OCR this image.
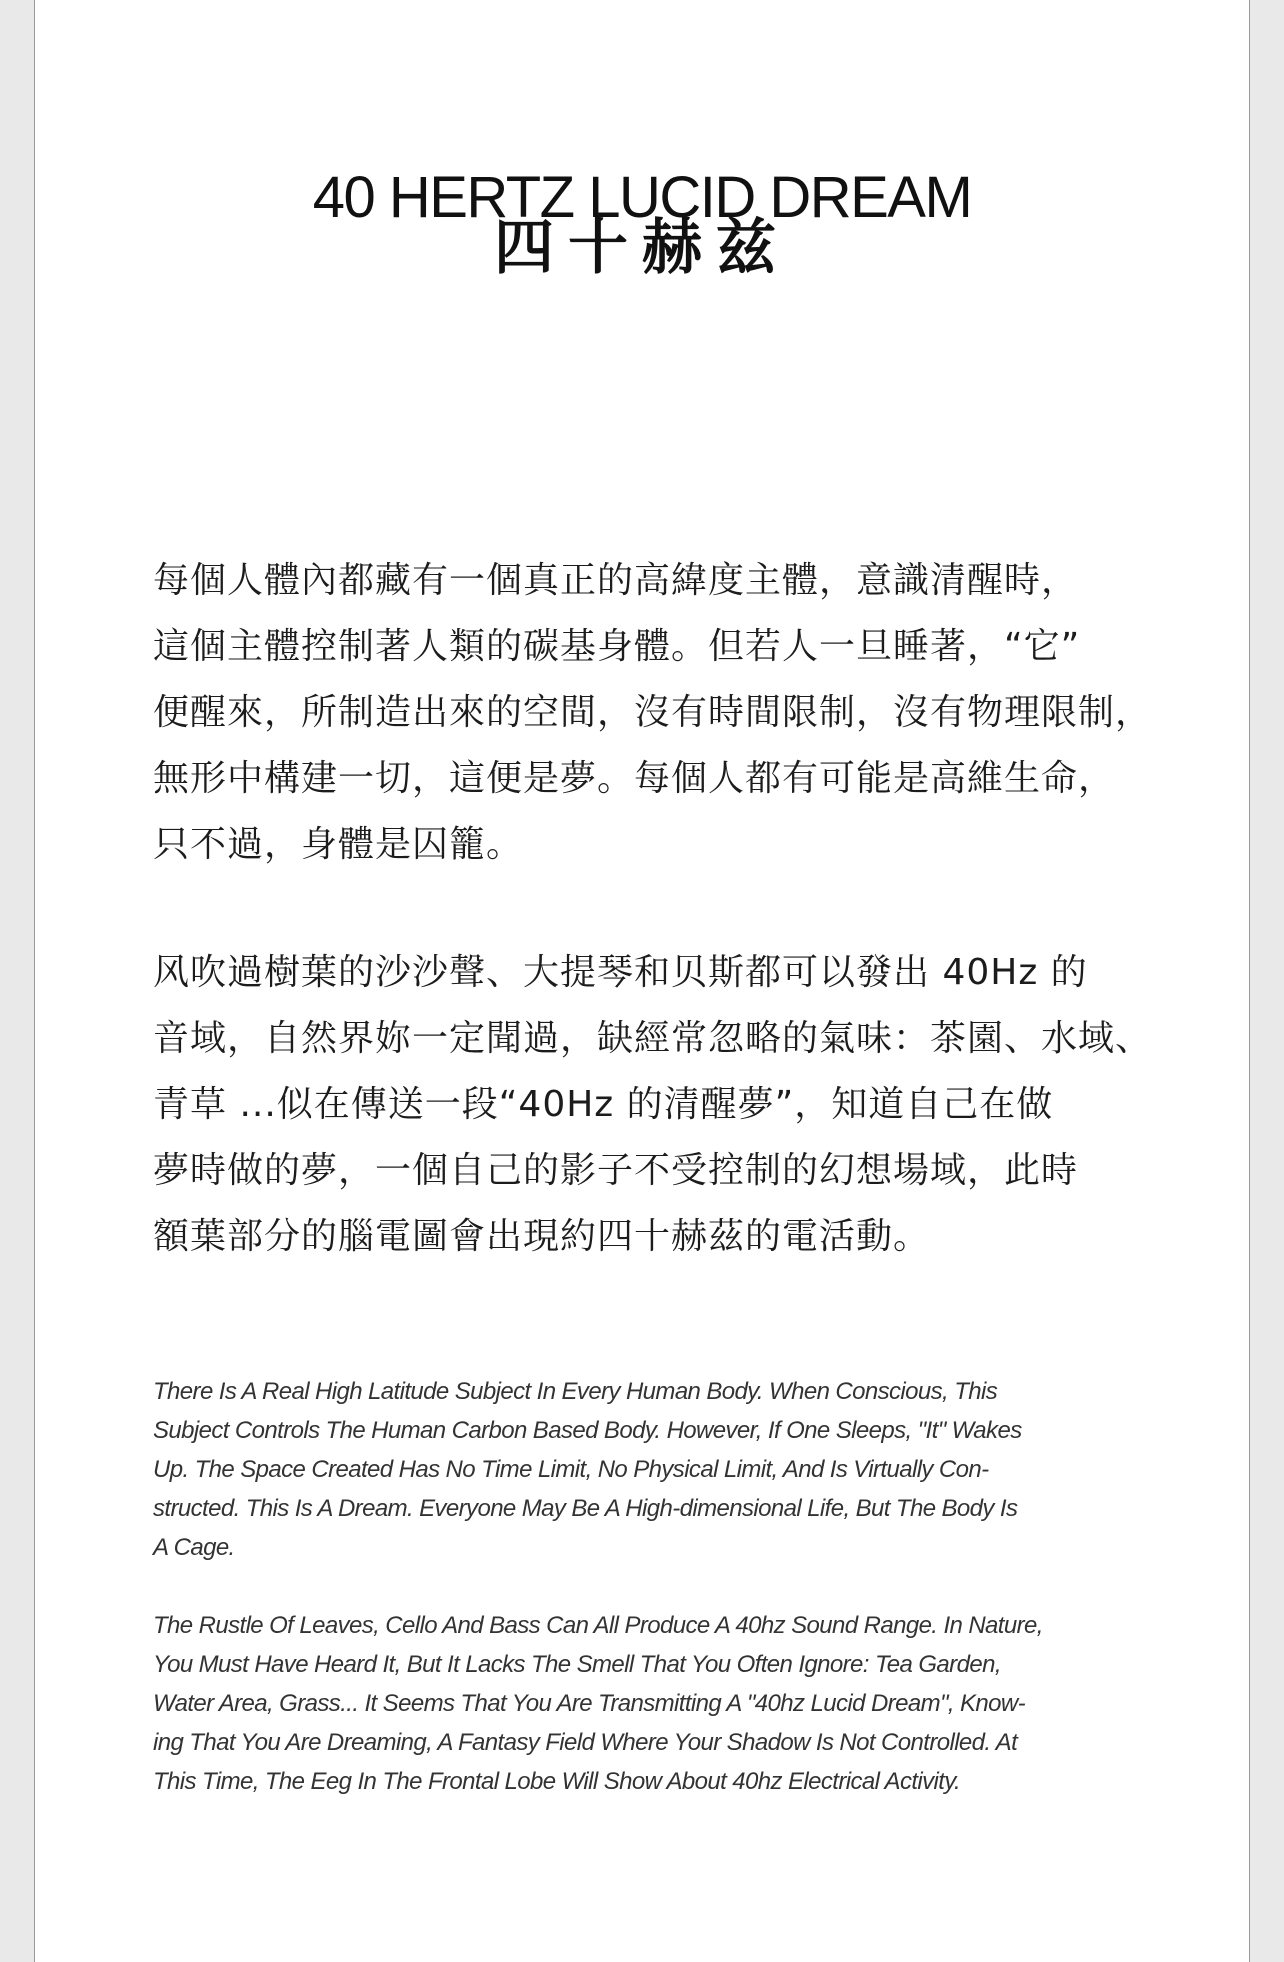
40 HERTZ LUCID DREAM
四十赫兹

每個人體內都藏有一個真正的高緯度主體，意識清醒時，
這個主體控制著人類的碳基身體。但若人一旦睡著，“它”
便醒來，所制造出來的空間，沒有時間限制，沒有物理限制，
無形中構建一切，這便是夢。每個人都有可能是高維生命，
只不過，身體是囚籠。

风吹過樹葉的沙沙聲、大提琴和贝斯都可以發出 40Hz 的
音域，自然界妳一定聞過，缺經常忽略的氣味：茶園、水域、
青草 ...似在傳送一段“40Hz 的清醒夢”，知道自己在做
夢時做的夢，一個自己的影子不受控制的幻想場域，此時
額葉部分的腦電圖會出現約四十赫茲的電活動。

There Is A Real High Latitude Subject In Every Human Body. When Conscious, This
Subject Controls The Human Carbon Based Body. However, If One Sleeps, "It" Wakes
Up. The Space Created Has No Time Limit, No Physical Limit, And Is Virtually Con-
structed. This Is A Dream. Everyone May Be A High-dimensional Life, But The Body Is
A Cage.

The Rustle Of Leaves, Cello And Bass Can All Produce A 40hz Sound Range. In Nature,
You Must Have Heard It, But It Lacks The Smell That You Often Ignore: Tea Garden,
Water Area, Grass... It Seems That You Are Transmitting A "40hz Lucid Dream", Know-
ing That You Are Dreaming, A Fantasy Field Where Your Shadow Is Not Controlled. At
This Time, The Eeg In The Frontal Lobe Will Show About 40hz Electrical Activity.
